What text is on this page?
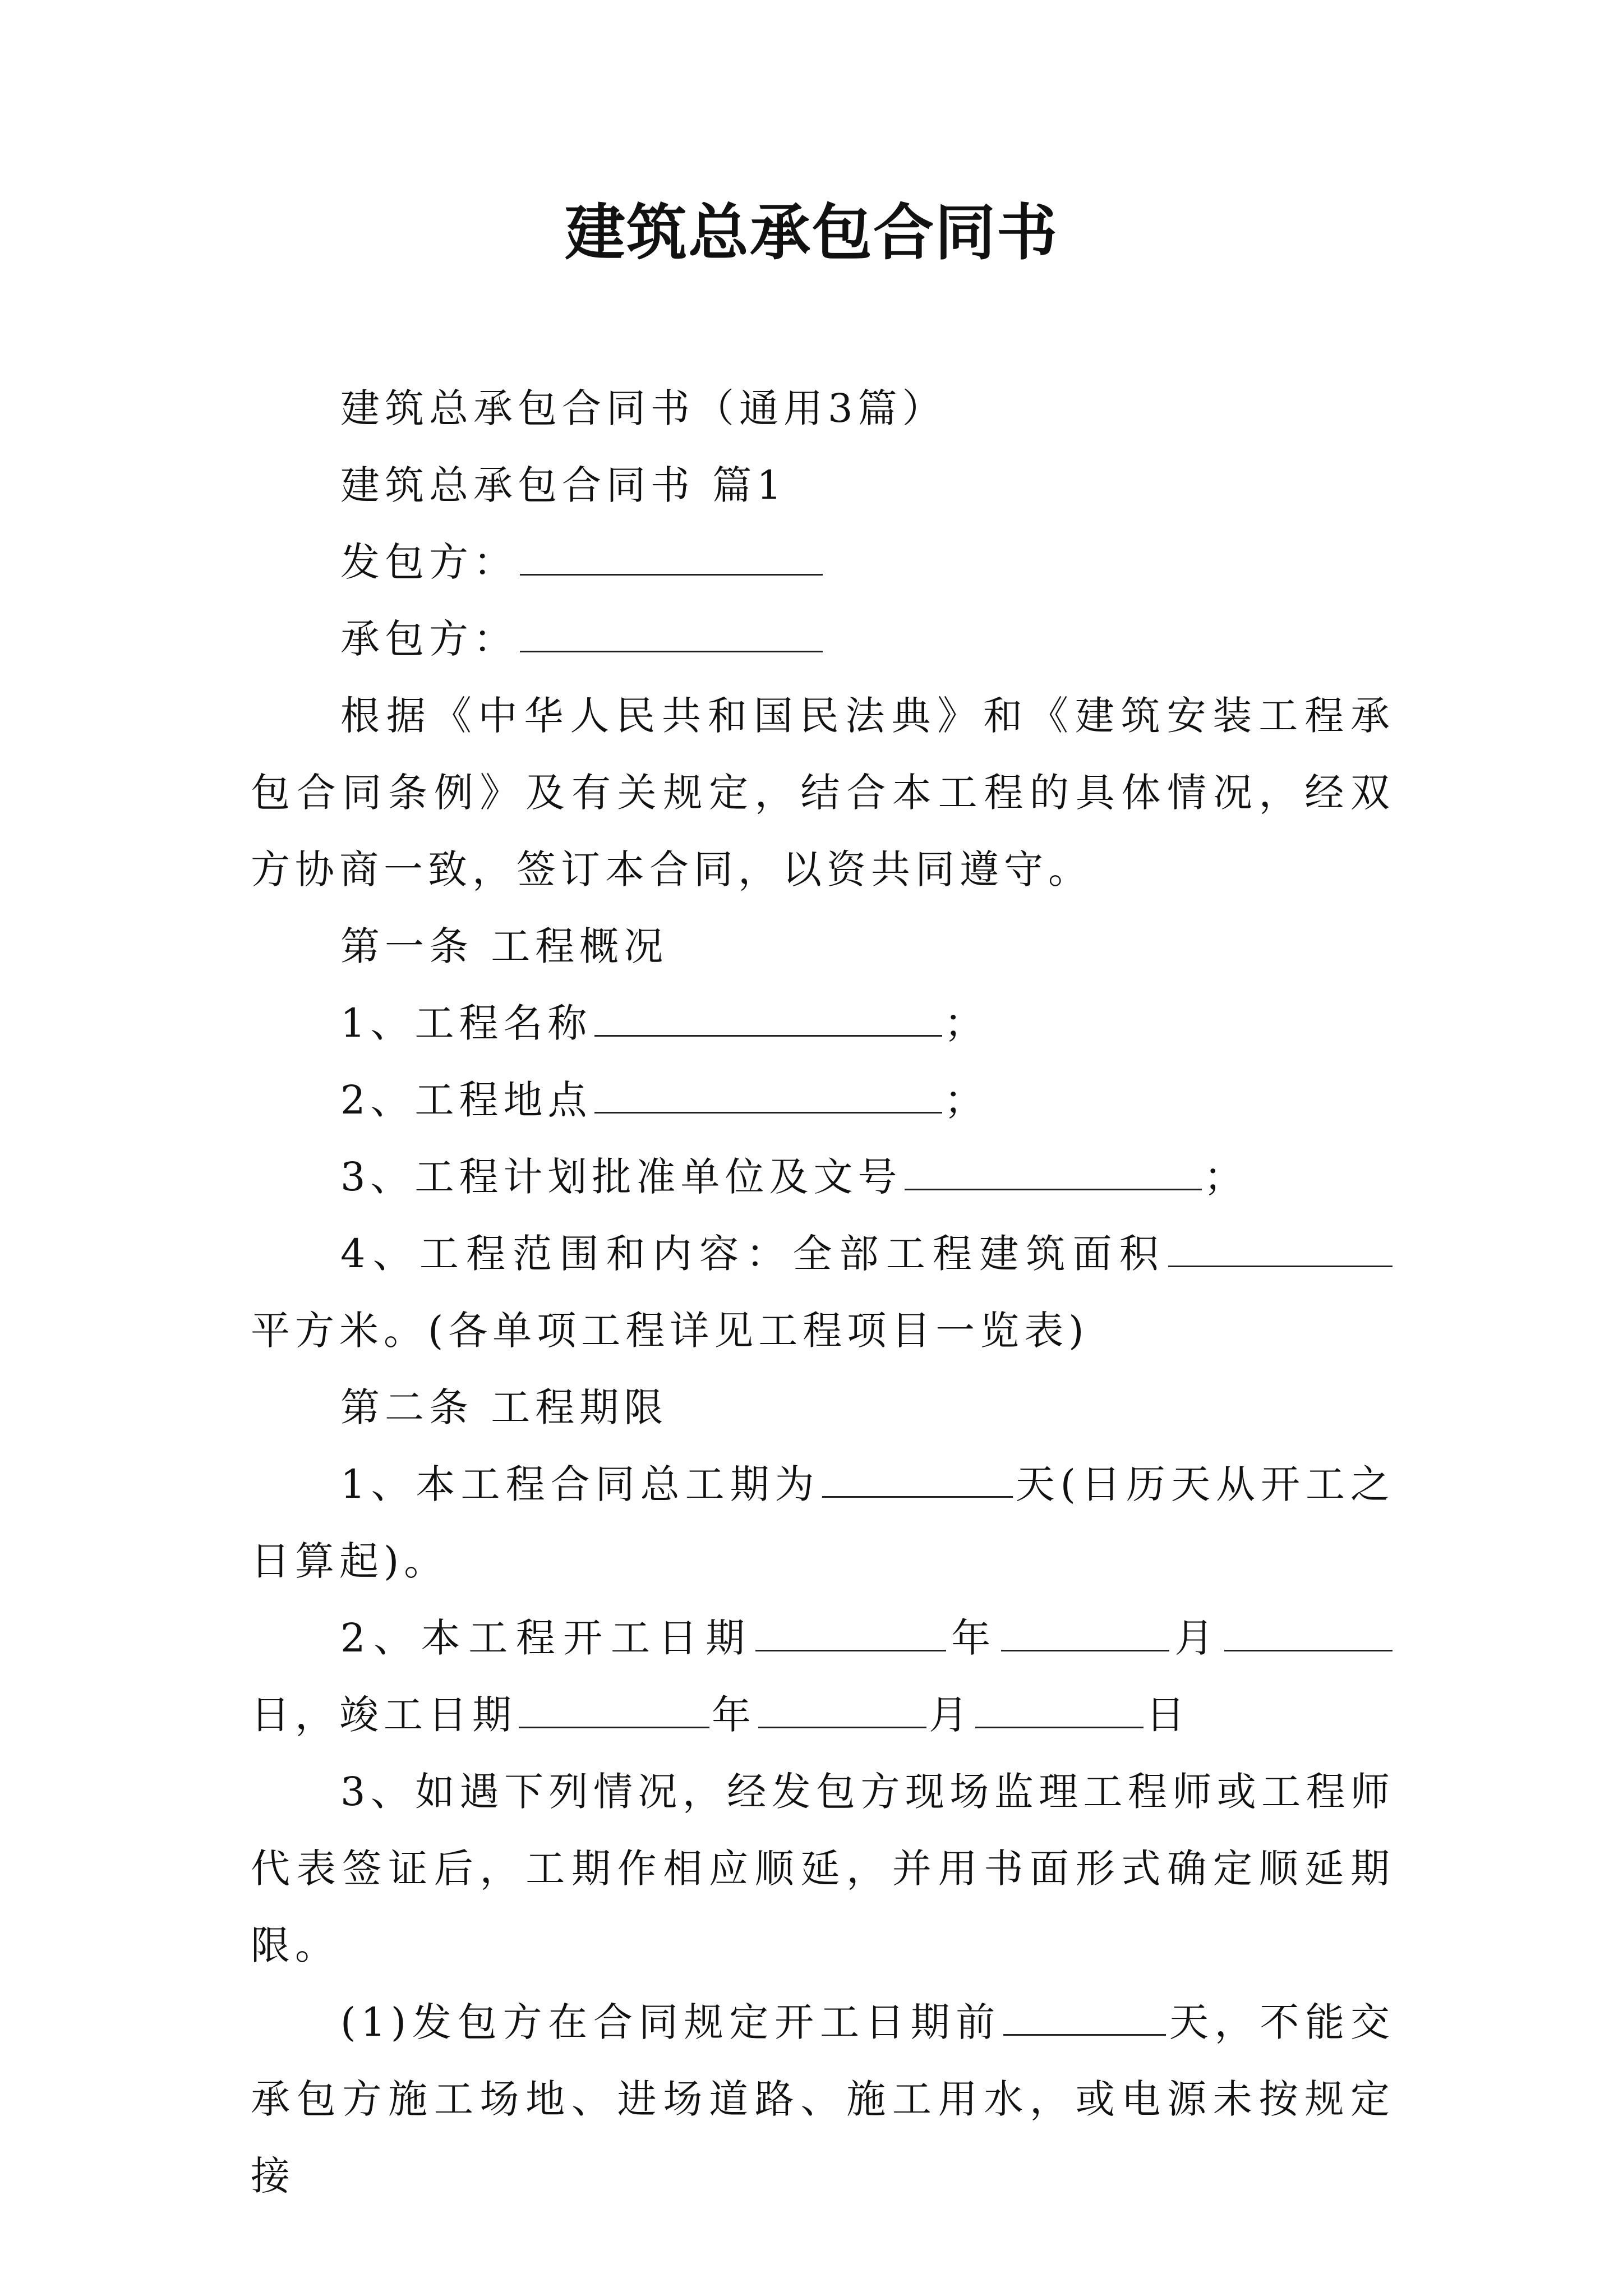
建筑总承包合同书

建筑总承包合同书（通用3篇）

建筑总承包合同书 篇1

发包方：

承包方：

根据《中华人民共和国民法典》和《建筑安装工程承包合同条例》及有关规定，结合本工程的具体情况，经双方协商一致，签订本合同，以资共同遵守。

第一条 工程概况

1、工程名称	；

2、工程地点	；

3、工程计划批准单位及文号	；

4、工程范围和内容：全部工程建筑面积平方米。(各单项工程详见工程项目一览表)

第二条 工程期限

1、本工程合同总工期为	天(日历天从开工之日算起)。

2、本工程开工日期	年	月日，竣工日期	年	月	日

3、如遇下列情况，经发包方现场监理工程师或工程师代表签证后，工期作相应顺延，并用书面形式确定顺延期限。

(1)发包方在合同规定开工日期前	天，不能交承包方施工场地、进场道路、施工用水，或电源未按规定接
